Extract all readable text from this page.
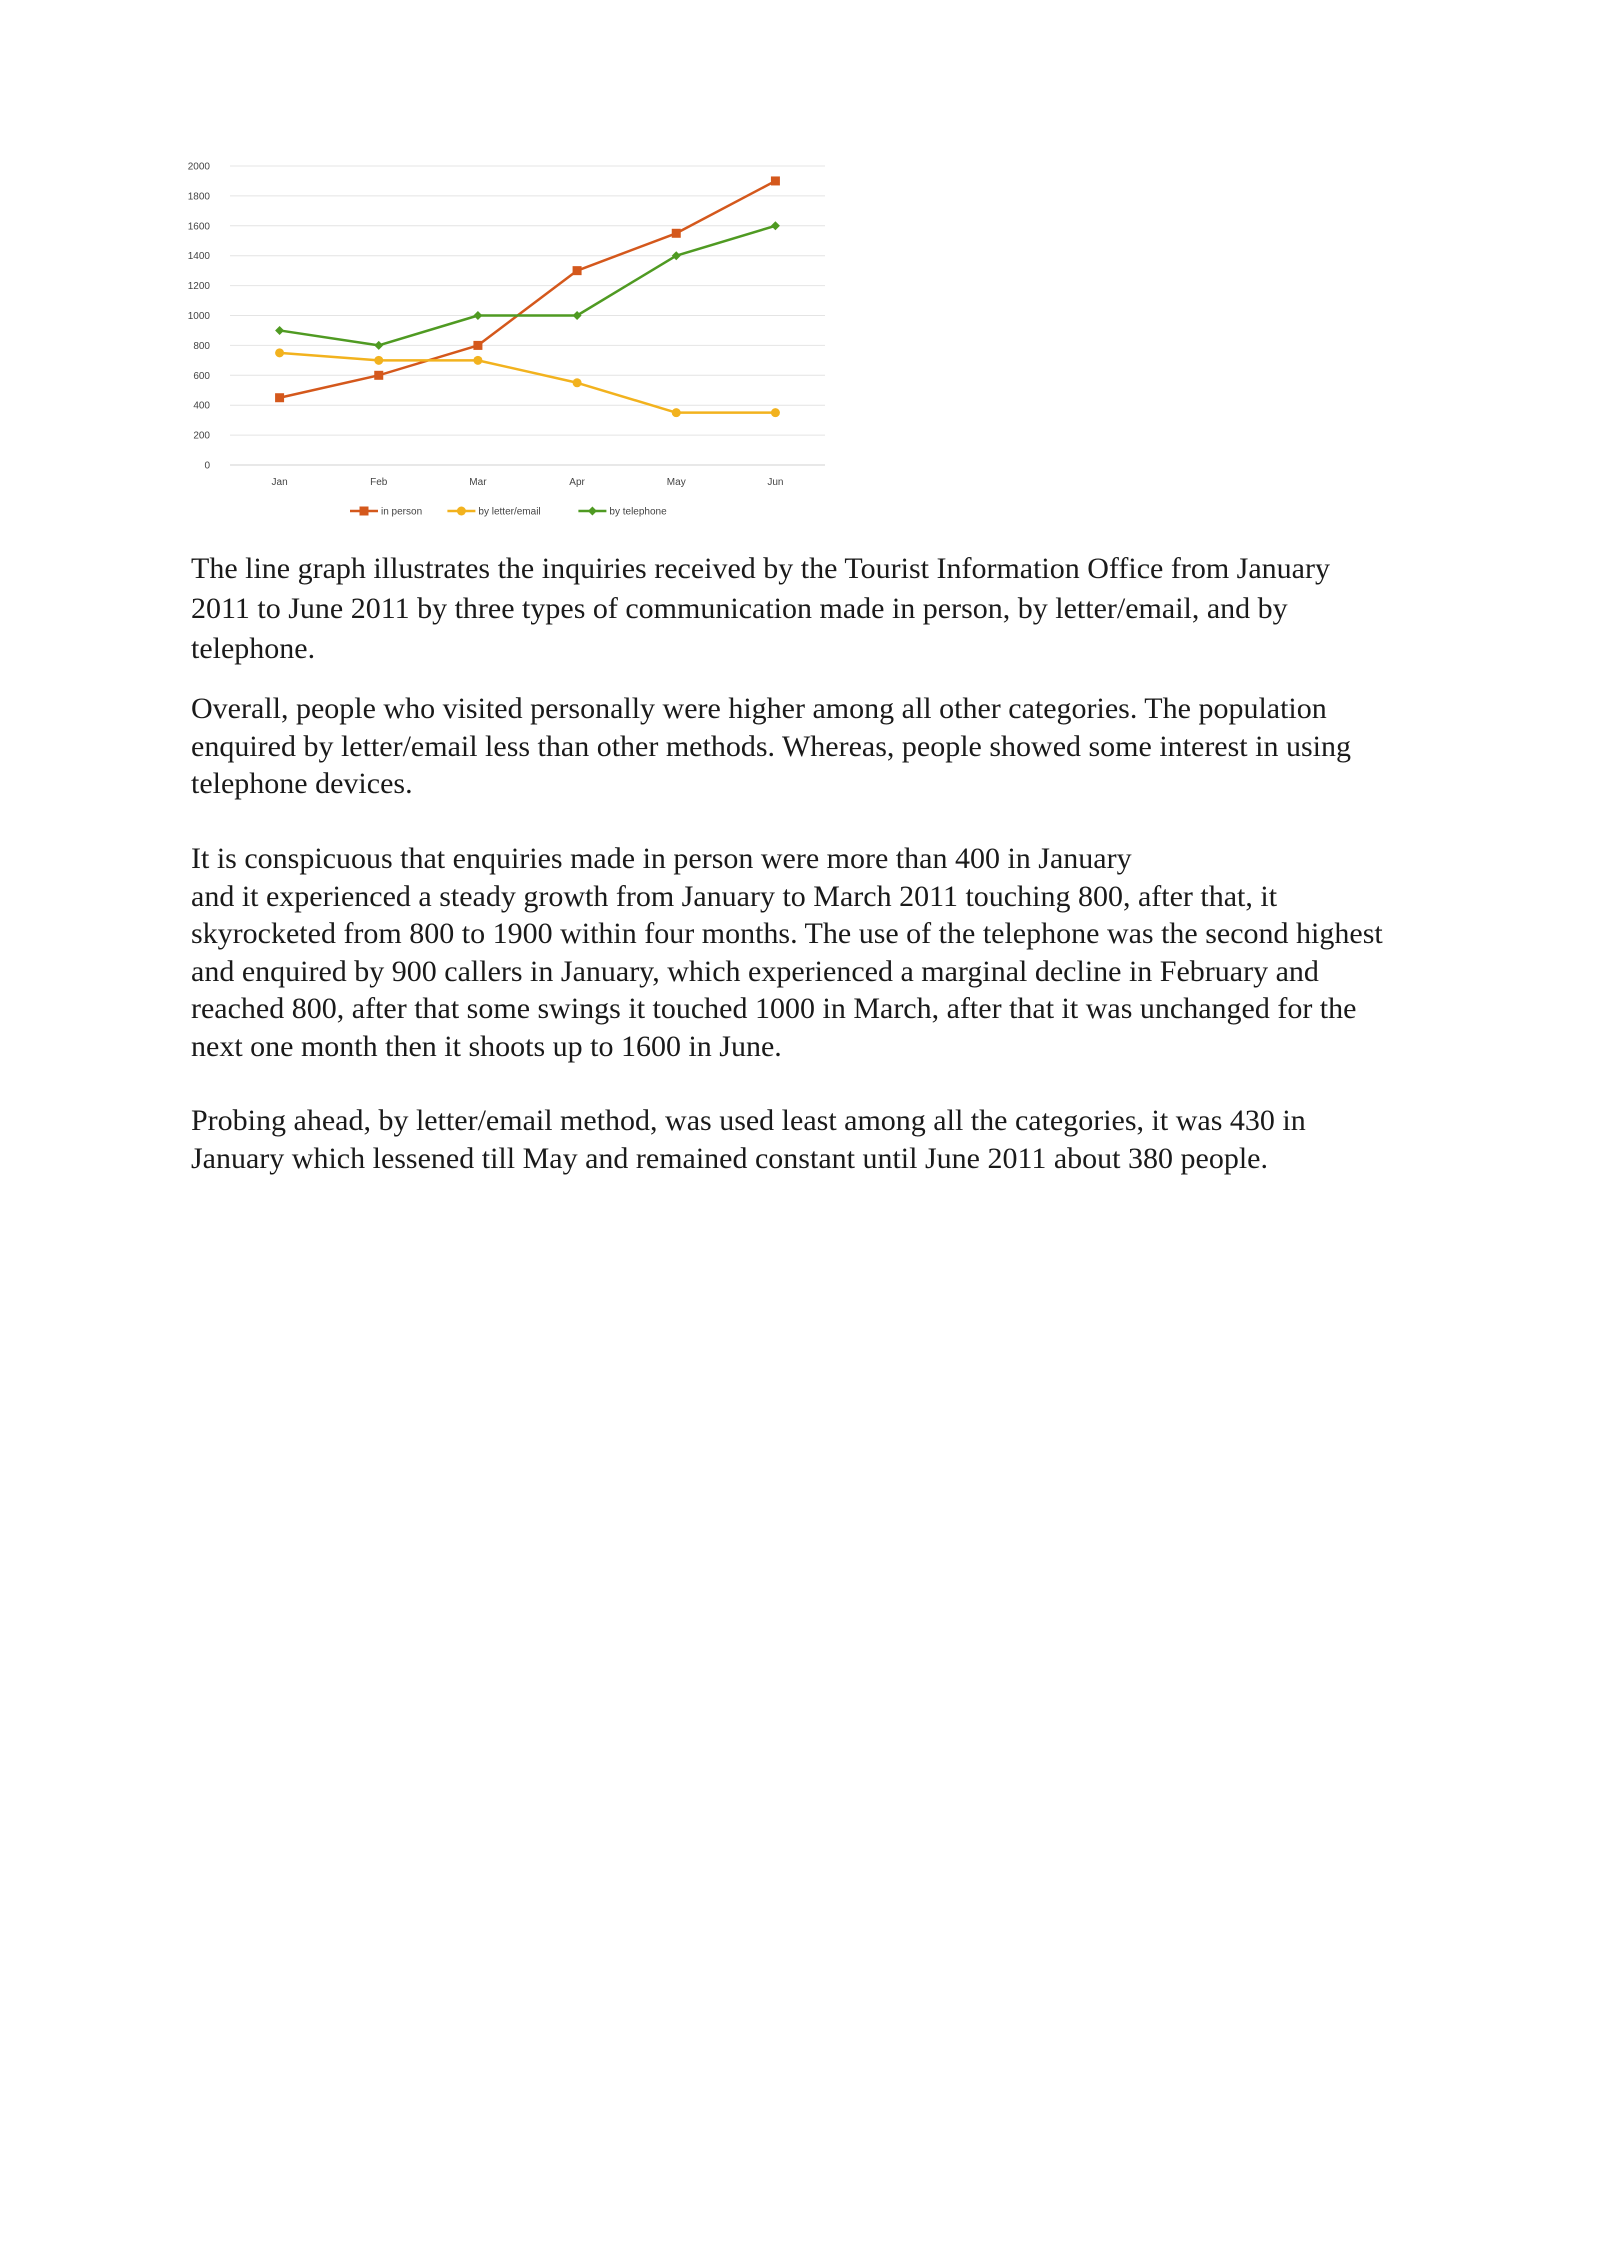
0
200
400
600
800
1000
1200
1400
1600
1800
2000
Jan	Feb	Mar	Apr	May	Jun
in person	by letter/email	by telephone
The line graph illustrates the inquiries received by the Tourist Information Office from January
2011 to June 2011 by three types of communication made in person, by letter/email, and by
telephone.
Overall, people who visited personally were higher among all other categories. The population
enquired by letter/email less than other methods. Whereas, people showed some interest in using
telephone devices.
It is conspicuous that enquiries made in person were more than 400 in January
and it experienced a steady growth from January to March 2011 touching 800, after that, it
skyrocketed from 800 to 1900 within four months. The use of the telephone was the second highest
and enquired by 900 callers in January, which experienced a marginal decline in February and
reached 800, after that some swings it touched 1000 in March, after that it was unchanged for the
next one month then it shoots up to 1600 in June.
Probing ahead, by letter/email method, was used least among all the categories, it was 430 in
January which lessened till May and remained constant until June 2011 about 380 people.
